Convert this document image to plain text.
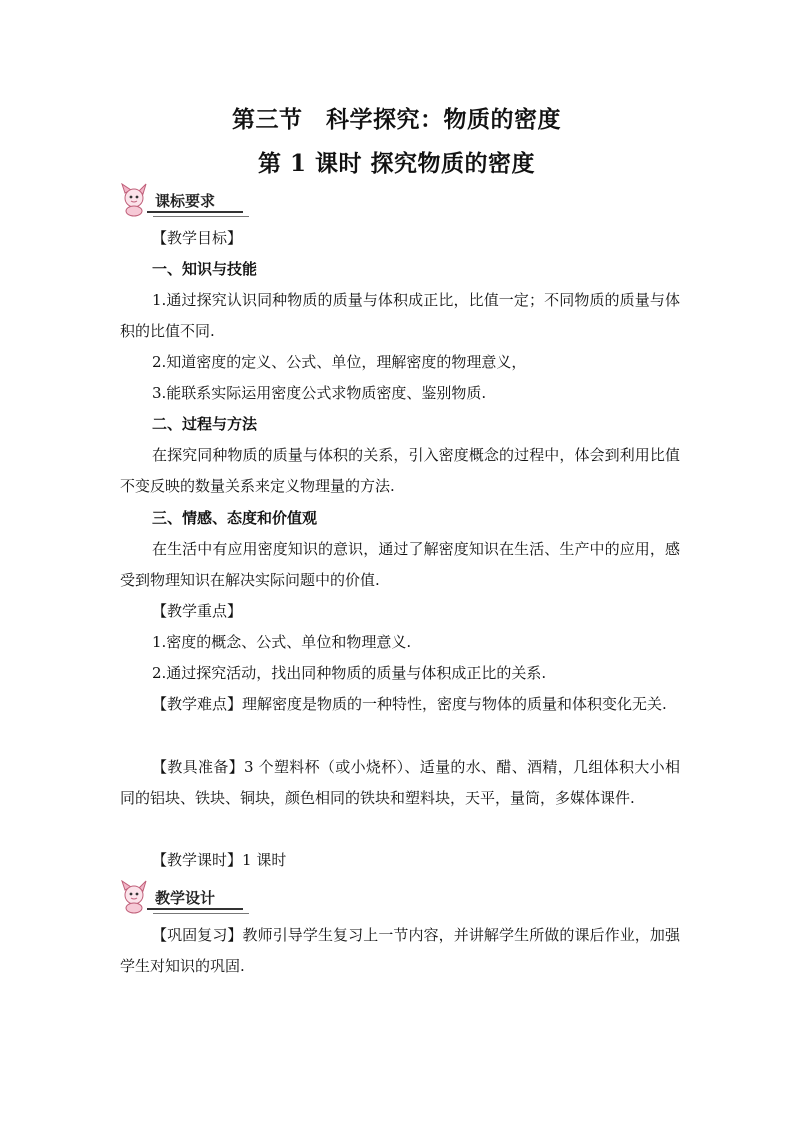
第三节　科学探究：物质的密度
第 1 课时 探究物质的密度
课标要求
【教学目标】
一、知识与技能
1.通过探究认识同种物质的质量与体积成正比，比值一定；不同物质的质量与体积的比值不同.
2.知道密度的定义、公式、单位，理解密度的物理意义，
3.能联系实际运用密度公式求物质密度、鉴别物质.
二、过程与方法
在探究同种物质的质量与体积的关系，引入密度概念的过程中，体会到利用比值不变反映的数量关系来定义物理量的方法.
三、情感、态度和价值观
在生活中有应用密度知识的意识，通过了解密度知识在生活、生产中的应用，感受到物理知识在解决实际问题中的价值.
【教学重点】
1.密度的概念、公式、单位和物理意义.
2.通过探究活动，找出同种物质的质量与体积成正比的关系.
【教学难点】理解密度是物质的一种特性，密度与物体的质量和体积变化无关.
【教具准备】3 个塑料杯（或小烧杯）、适量的水、醋、酒精，几组体积大小相同的铝块、铁块、铜块，颜色相同的铁块和塑料块，天平，量筒，多媒体课件.
【教学课时】1 课时
教学设计
【巩固复习】教师引导学生复习上一节内容，并讲解学生所做的课后作业，加强学生对知识的巩固.
